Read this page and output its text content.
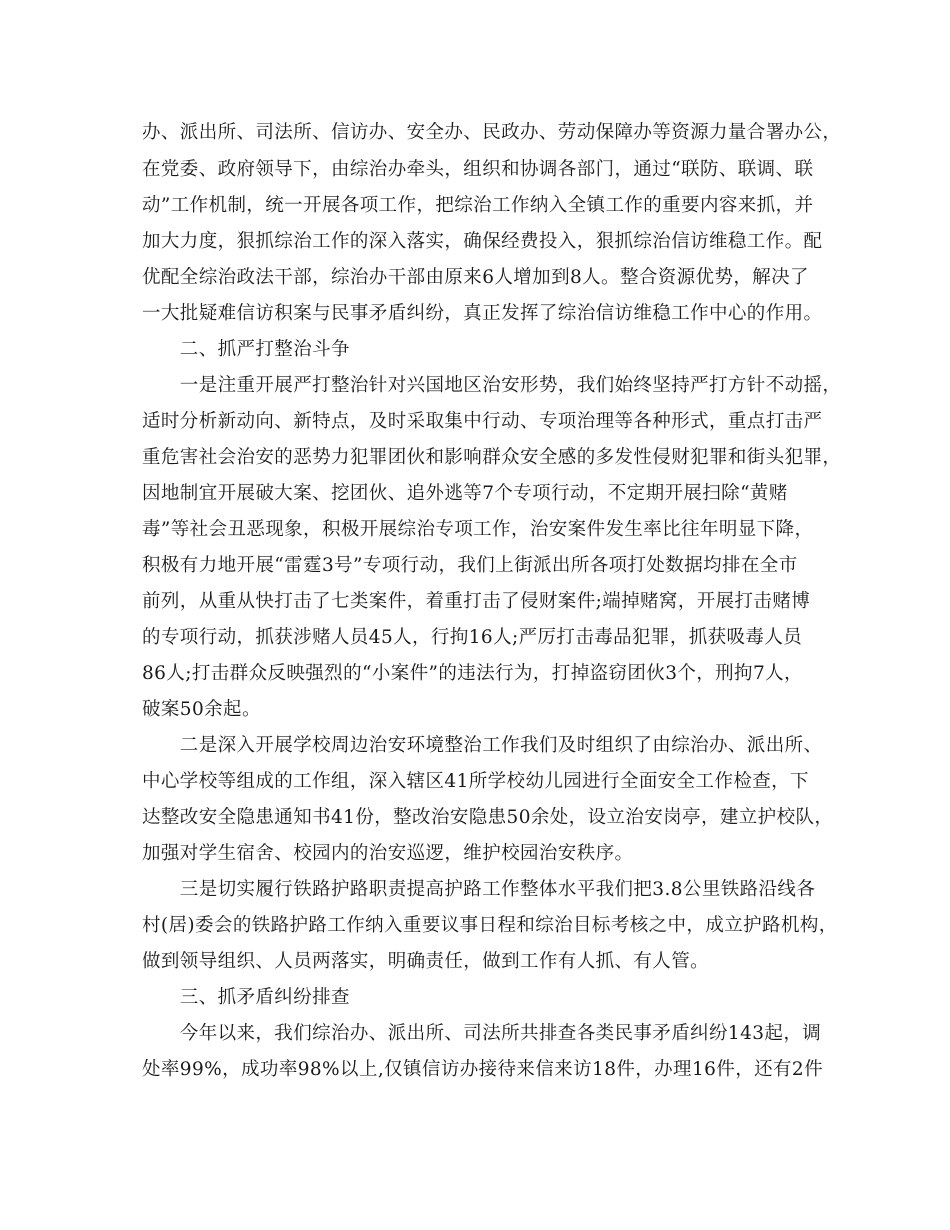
办、派出所、司法所、信访办、安全办、民政办、劳动保障办等资源力量合署办公，
在党委、政府领导下，由综治办牵头，组织和协调各部门，通过“联防、联调、联
动”工作机制，统一开展各项工作，把综治工作纳入全镇工作的重要内容来抓，并
加大力度，狠抓综治工作的深入落实，确保经费投入，狠抓综治信访维稳工作。配
优配全综治政法干部，综治办干部由原来6人增加到8人。整合资源优势，解决了
一大批疑难信访积案与民事矛盾纠纷，真正发挥了综治信访维稳工作中心的作用。
　　二、抓严打整治斗争
　　一是注重开展严打整治针对兴国地区治安形势，我们始终坚持严打方针不动摇，
适时分析新动向、新特点，及时采取集中行动、专项治理等各种形式，重点打击严
重危害社会治安的恶势力犯罪团伙和影响群众安全感的多发性侵财犯罪和街头犯罪，
因地制宜开展破大案、挖团伙、追外逃等7个专项行动，不定期开展扫除“黄赌
毒”等社会丑恶现象，积极开展综治专项工作，治安案件发生率比往年明显下降，
积极有力地开展“雷霆3号”专项行动，我们上街派出所各项打处数据均排在全市
前列，从重从快打击了七类案件，着重打击了侵财案件;端掉赌窝，开展打击赌博
的专项行动，抓获涉赌人员45人，行拘16人;严厉打击毒品犯罪，抓获吸毒人员
86人;打击群众反映强烈的“小案件”的违法行为，打掉盗窃团伙3个，刑拘7人，
破案50余起。
　　二是深入开展学校周边治安环境整治工作我们及时组织了由综治办、派出所、
中心学校等组成的工作组，深入辖区41所学校幼儿园进行全面安全工作检查，下
达整改安全隐患通知书41份，整改治安隐患50余处，设立治安岗亭，建立护校队，
加强对学生宿舍、校园内的治安巡逻，维护校园治安秩序。
　　三是切实履行铁路护路职责提高护路工作整体水平我们把3.8公里铁路沿线各
村(居)委会的铁路护路工作纳入重要议事日程和综治目标考核之中，成立护路机构，
做到领导组织、人员两落实，明确责任，做到工作有人抓、有人管。
　　三、抓矛盾纠纷排查
　　今年以来，我们综治办、派出所、司法所共排查各类民事矛盾纠纷143起，调
处率99%，成功率98%以上,仅镇信访办接待来信来访18件，办理16件，还有2件
